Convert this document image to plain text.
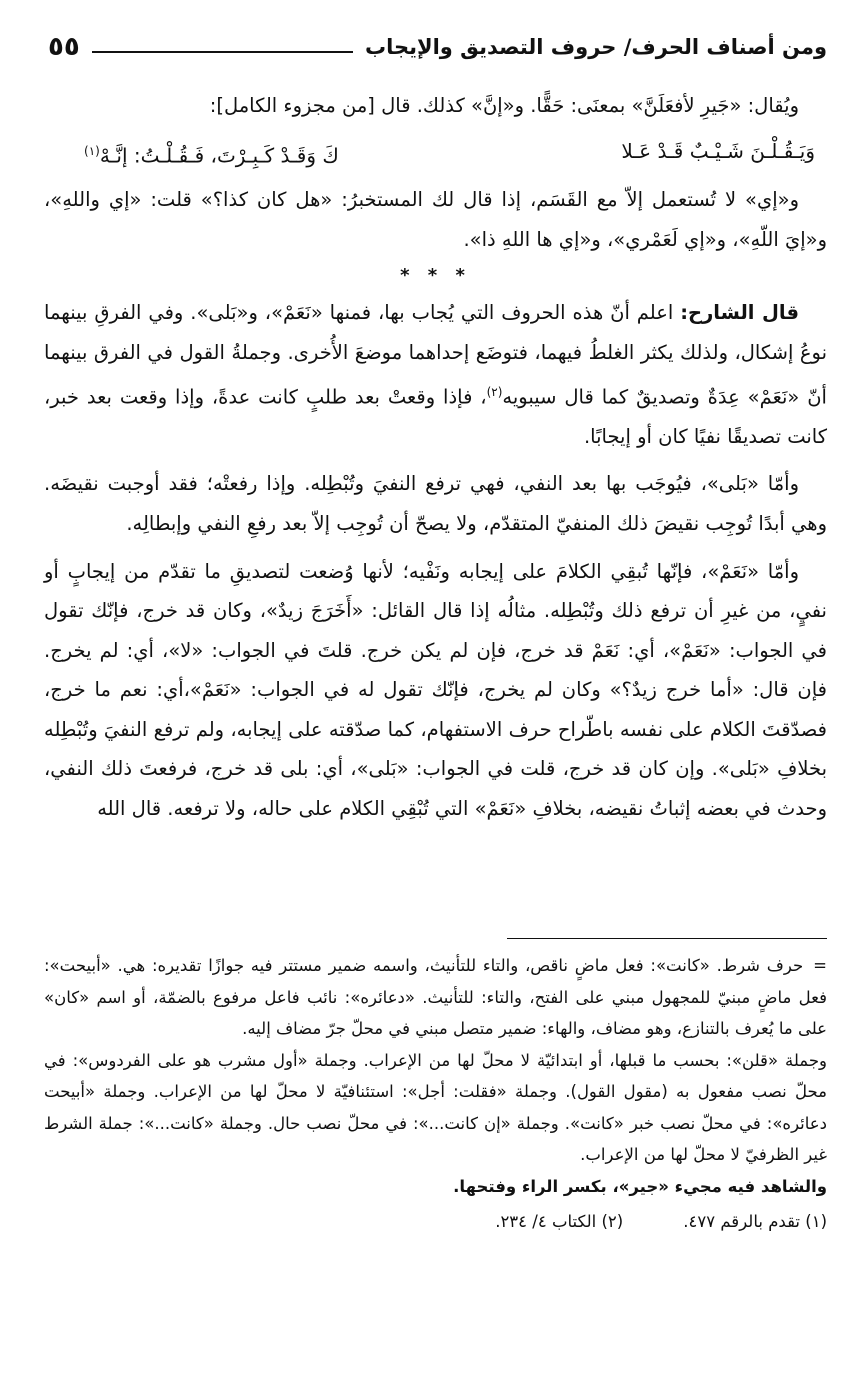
ومن أصناف الحرف/ حروف التصديق والإيجاب
٥٥

ويُقال: «جَيرِ لأفعَلَنَّ» بمعنَى: حَقًّا. و«إنَّ» كذلك. قال [من مجزوء الكامل]:

وَيَـقُـلْـنَ شَـيْـبٌ قَـدْ عَـلا
كَ وَقَـدْ كَـبِـرْتَ، فَـقُـلْـتُ: إنَّـهْ$^{(١)}$

و«إي» لا تُستعمل إلاّ مع القَسَم، إذا قال لك المستخبرُ: «هل كان كذا؟» قلت: «إي واللهِ»، و«إيَ اللّهِ»، و«إي لَعَمْري»، و«إي ها اللهِ ذا».

* * *

قال الشارح: اعلم أنّ هذه الحروف التي يُجاب بها، فمنها «نَعَمْ»، و«بَلى». وفي الفرقِ بينهما نوعُ إشكال، ولذلك يكثر الغلطُ فيهما، فتوضَع إحداهما موضعَ الأُخرى. وجملةُ القول في الفرق بينهما أنّ «نَعَمْ» عِدَةٌ وتصديقٌ كما قال سيبويه$^{(٢)}$، فإذا وقعتْ بعد طلبٍ كانت عدةً، وإذا وقعت بعد خبر، كانت تصديقًا نفيًا كان أو إيجابًا.

وأمّا «بَلى»، فيُوجَب بها بعد النفي، فهي ترفع النفيَ وتُبْطِله. وإذا رفعتْه؛ فقد أوجبت نقيضَه. وهي أبدًا تُوجِب نقيضَ ذلك المنفيّ المتقدّم، ولا يصحّ أن تُوجِب إلاّ بعد رفعِ النفي وإبطالِه.

وأمّا «نَعَمْ»، فإنّها تُبقِي الكلامَ على إيجابه ونَفْيه؛ لأنها وُضعت لتصديقِ ما تقدّم من إيجابٍ أو نفيٍ، من غيرِ أن ترفع ذلك وتُبْطِله. مثالُه إذا قال القائل: «أَخَرَجَ زيدٌ»، وكان قد خرج، فإنّك تقول في الجواب: «نَعَمْ»، أي: نَعَمْ قد خرج، فإن لم يكن خرج. قلتَ في الجواب: «لا»، أي: لم يخرج. فإن قال: «أما خرج زيدٌ؟» وكان لم يخرج، فإنّك تقول له في الجواب: «نَعَمْ»،أي: نعم ما خرج، فصدّقتَ الكلام على نفسه باطّراح حرف الاستفهام، كما صدّقته على إيجابه، ولم ترفع النفيَ وتُبْطِله بخلافِ «بَلى». وإن كان قد خرج، قلت في الجواب: «بَلى»، أي: بلى قد خرج، فرفعتَ ذلك النفي، وحدث في بعضه إثباتُ نقيضه، بخلافِ «نَعَمْ» التي تُبْقِي الكلام على حاله، ولا ترفعه. قال الله

=حرف شرط. «كانت»: فعل ماضٍ ناقص، والتاء للتأنيث، واسمه ضمير مستتر فيه جوازًا تقديره: هي. «أبيحت»: فعل ماضٍ مبنيّ للمجهول مبني على الفتح، والتاء: للتأنيث. «دعائره»: نائب فاعل مرفوع بالضمّة، أو اسم «كان» على ما يُعرف بالتنازع، وهو مضاف، والهاء: ضمير متصل مبني في محلّ جرّ مضاف إليه.

وجملة «قلن»: بحسب ما قبلها، أو ابتدائيّة لا محلّ لها من الإعراب. وجملة «أول مشرب هو على الفردوس»: في محلّ نصب مفعول به (مقول القول). وجملة «فقلت: أجل»: استئنافيّة لا محلّ لها من الإعراب. وجملة «أبيحت دعائره»: في محلّ نصب خبر «كانت». وجملة «إن كانت...»: في محلّ نصب حال. وجملة «كانت...»: جملة الشرط غير الظرفيّ لا محلّ لها من الإعراب.

والشاهد فيه مجيء «جير»، بكسر الراء وفتحها.

(١) تقدم بالرقم ٤٧٧.
(٢) الكتاب ٤/ ٢٣٤.
